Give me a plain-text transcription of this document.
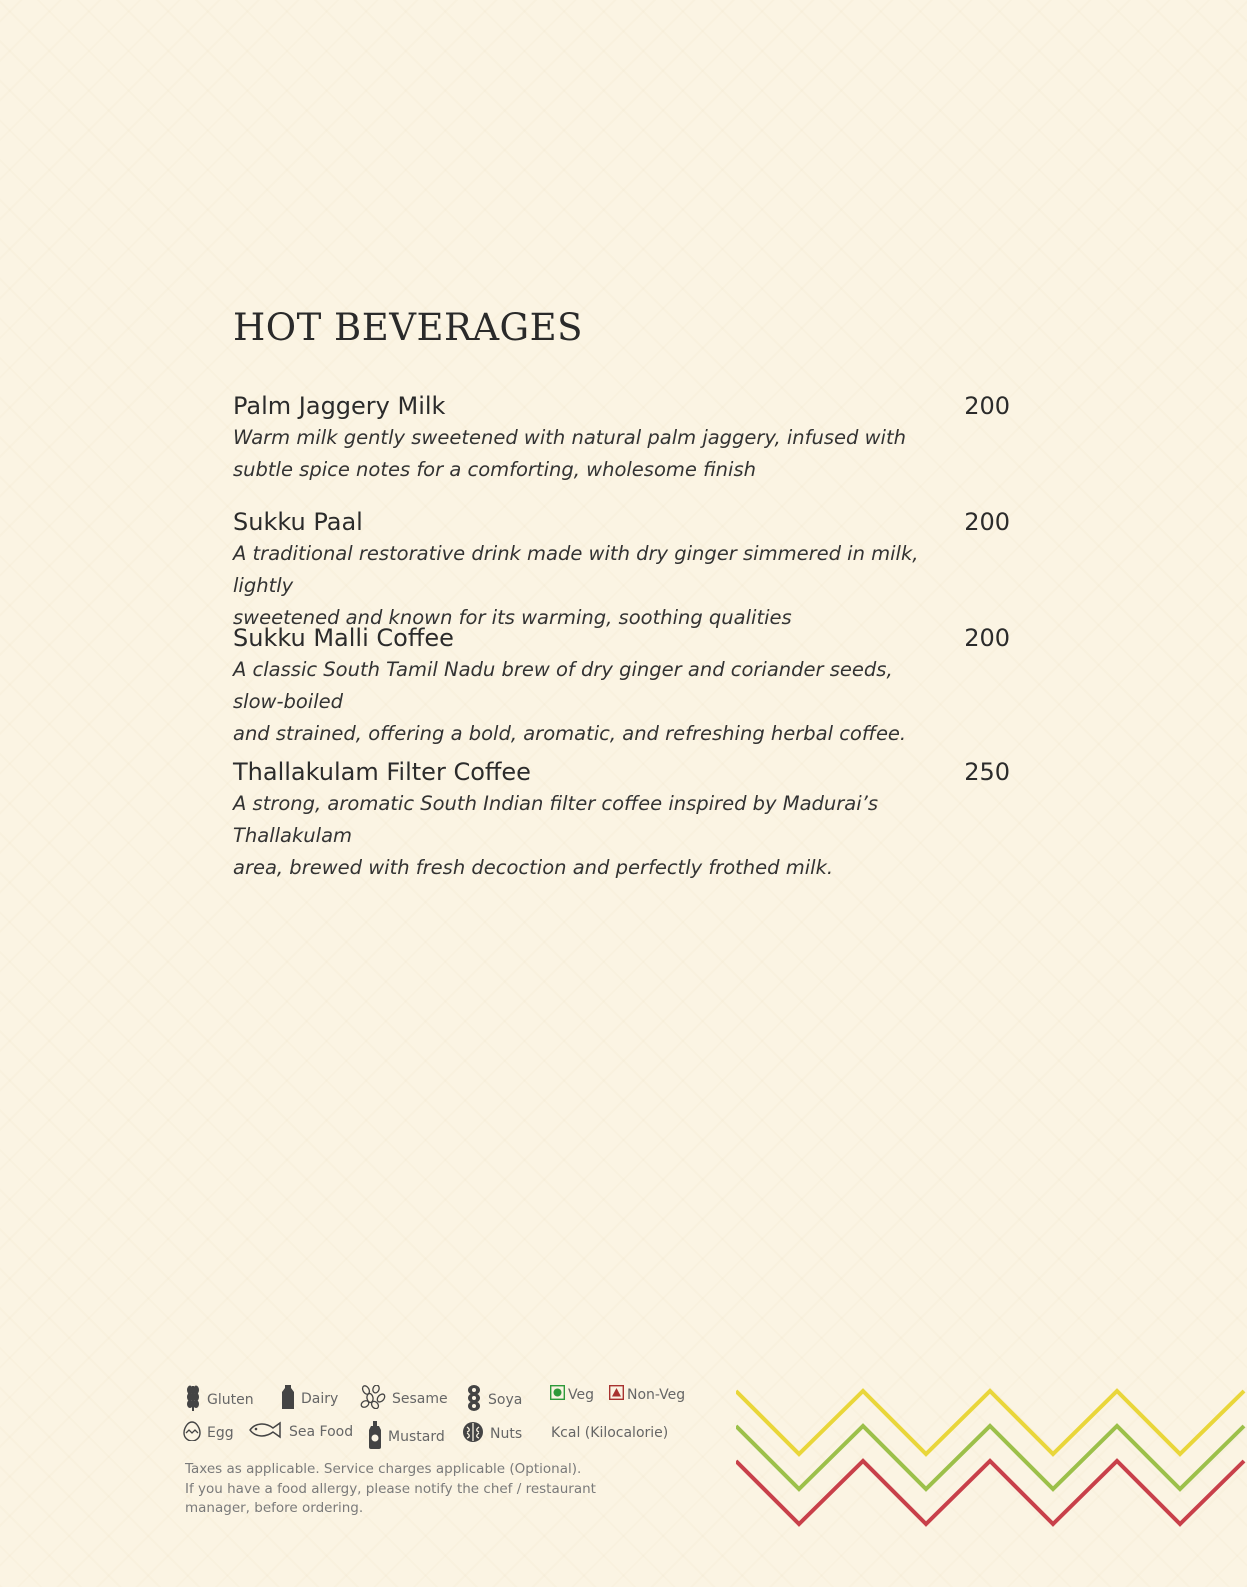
HOT BEVERAGES
Palm Jaggery Milk	200
Warm milk gently sweetened with natural palm jaggery, infused with
subtle spice notes for a comforting, wholesome finish
Sukku Paal	200
A traditional restorative drink made with dry ginger simmered in milk, lightly
sweetened and known for its warming, soothing qualities
Sukku Malli Coffee	200
A classic South Tamil Nadu brew of dry ginger and coriander seeds, slow-boiled
and strained, offering a bold, aromatic, and refreshing herbal coffee.
Thallakulam Filter Coffee	250
A strong, aromatic South Indian filter coffee inspired by Madurai’s Thallakulam
area, brewed with fresh decoction and perfectly frothed milk.
Gluten	Dairy	Sesame	Soya	Veg Non-Veg
Egg	Sea Food Mustard	Nuts Kcal (Kilocalorie)
Taxes as applicable. Service charges applicable (Optional).
If you have a food allergy, please notify the chef / restaurant
manager, before ordering.
